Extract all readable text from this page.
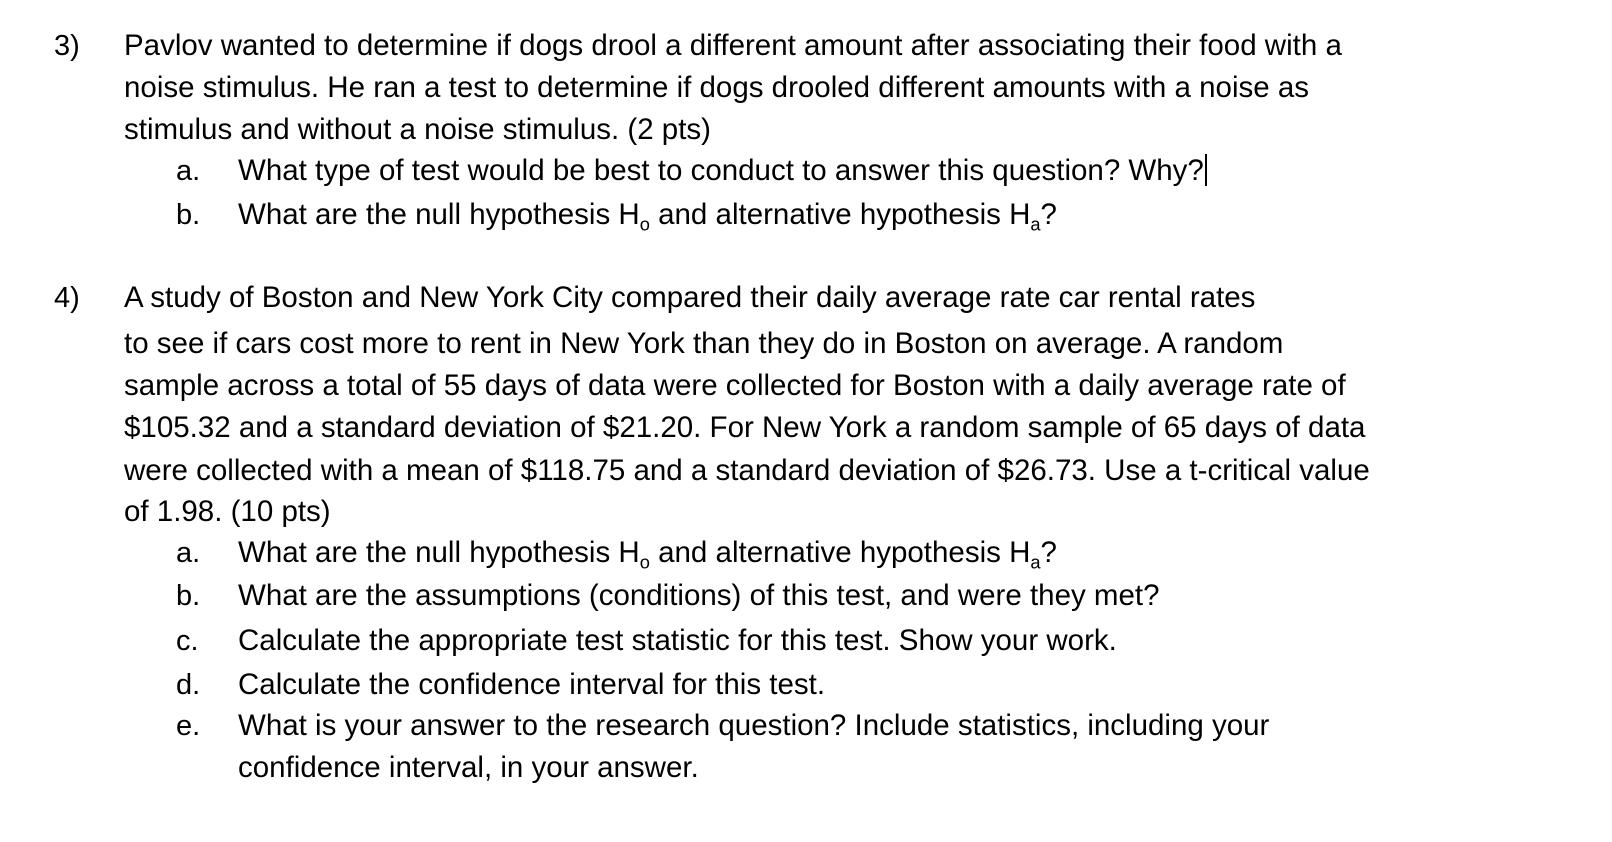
3) Pavlov wanted to determine if dogs drool a different amount after associating their food with a
noise stimulus. He ran a test to determine if dogs drooled different amounts with a noise as
stimulus and without a noise stimulus. (2 pts)
a. What type of test would be best to conduct to answer this question? Why?
b. What are the null hypothesis $H_o$ and alternative hypothesis $H_a$?
4) A study of Boston and New York City compared their daily average rate car rental rates
to see if cars cost more to rent in New York than they do in Boston on average. A random
sample across a total of 55 days of data were collected for Boston with a daily average rate of
$105.32 and a standard deviation of $21.20. For New York a random sample of 65 days of data
were collected with a mean of $118.75 and a standard deviation of $26.73. Use a t-critical value
of 1.98. (10 pts)
a. What are the null hypothesis $H_o$ and alternative hypothesis $H_a$?
b. What are the assumptions (conditions) of this test, and were they met?
c. Calculate the appropriate test statistic for this test. Show your work.
d. Calculate the confidence interval for this test.
e. What is your answer to the research question? Include statistics, including your
confidence interval, in your answer.
